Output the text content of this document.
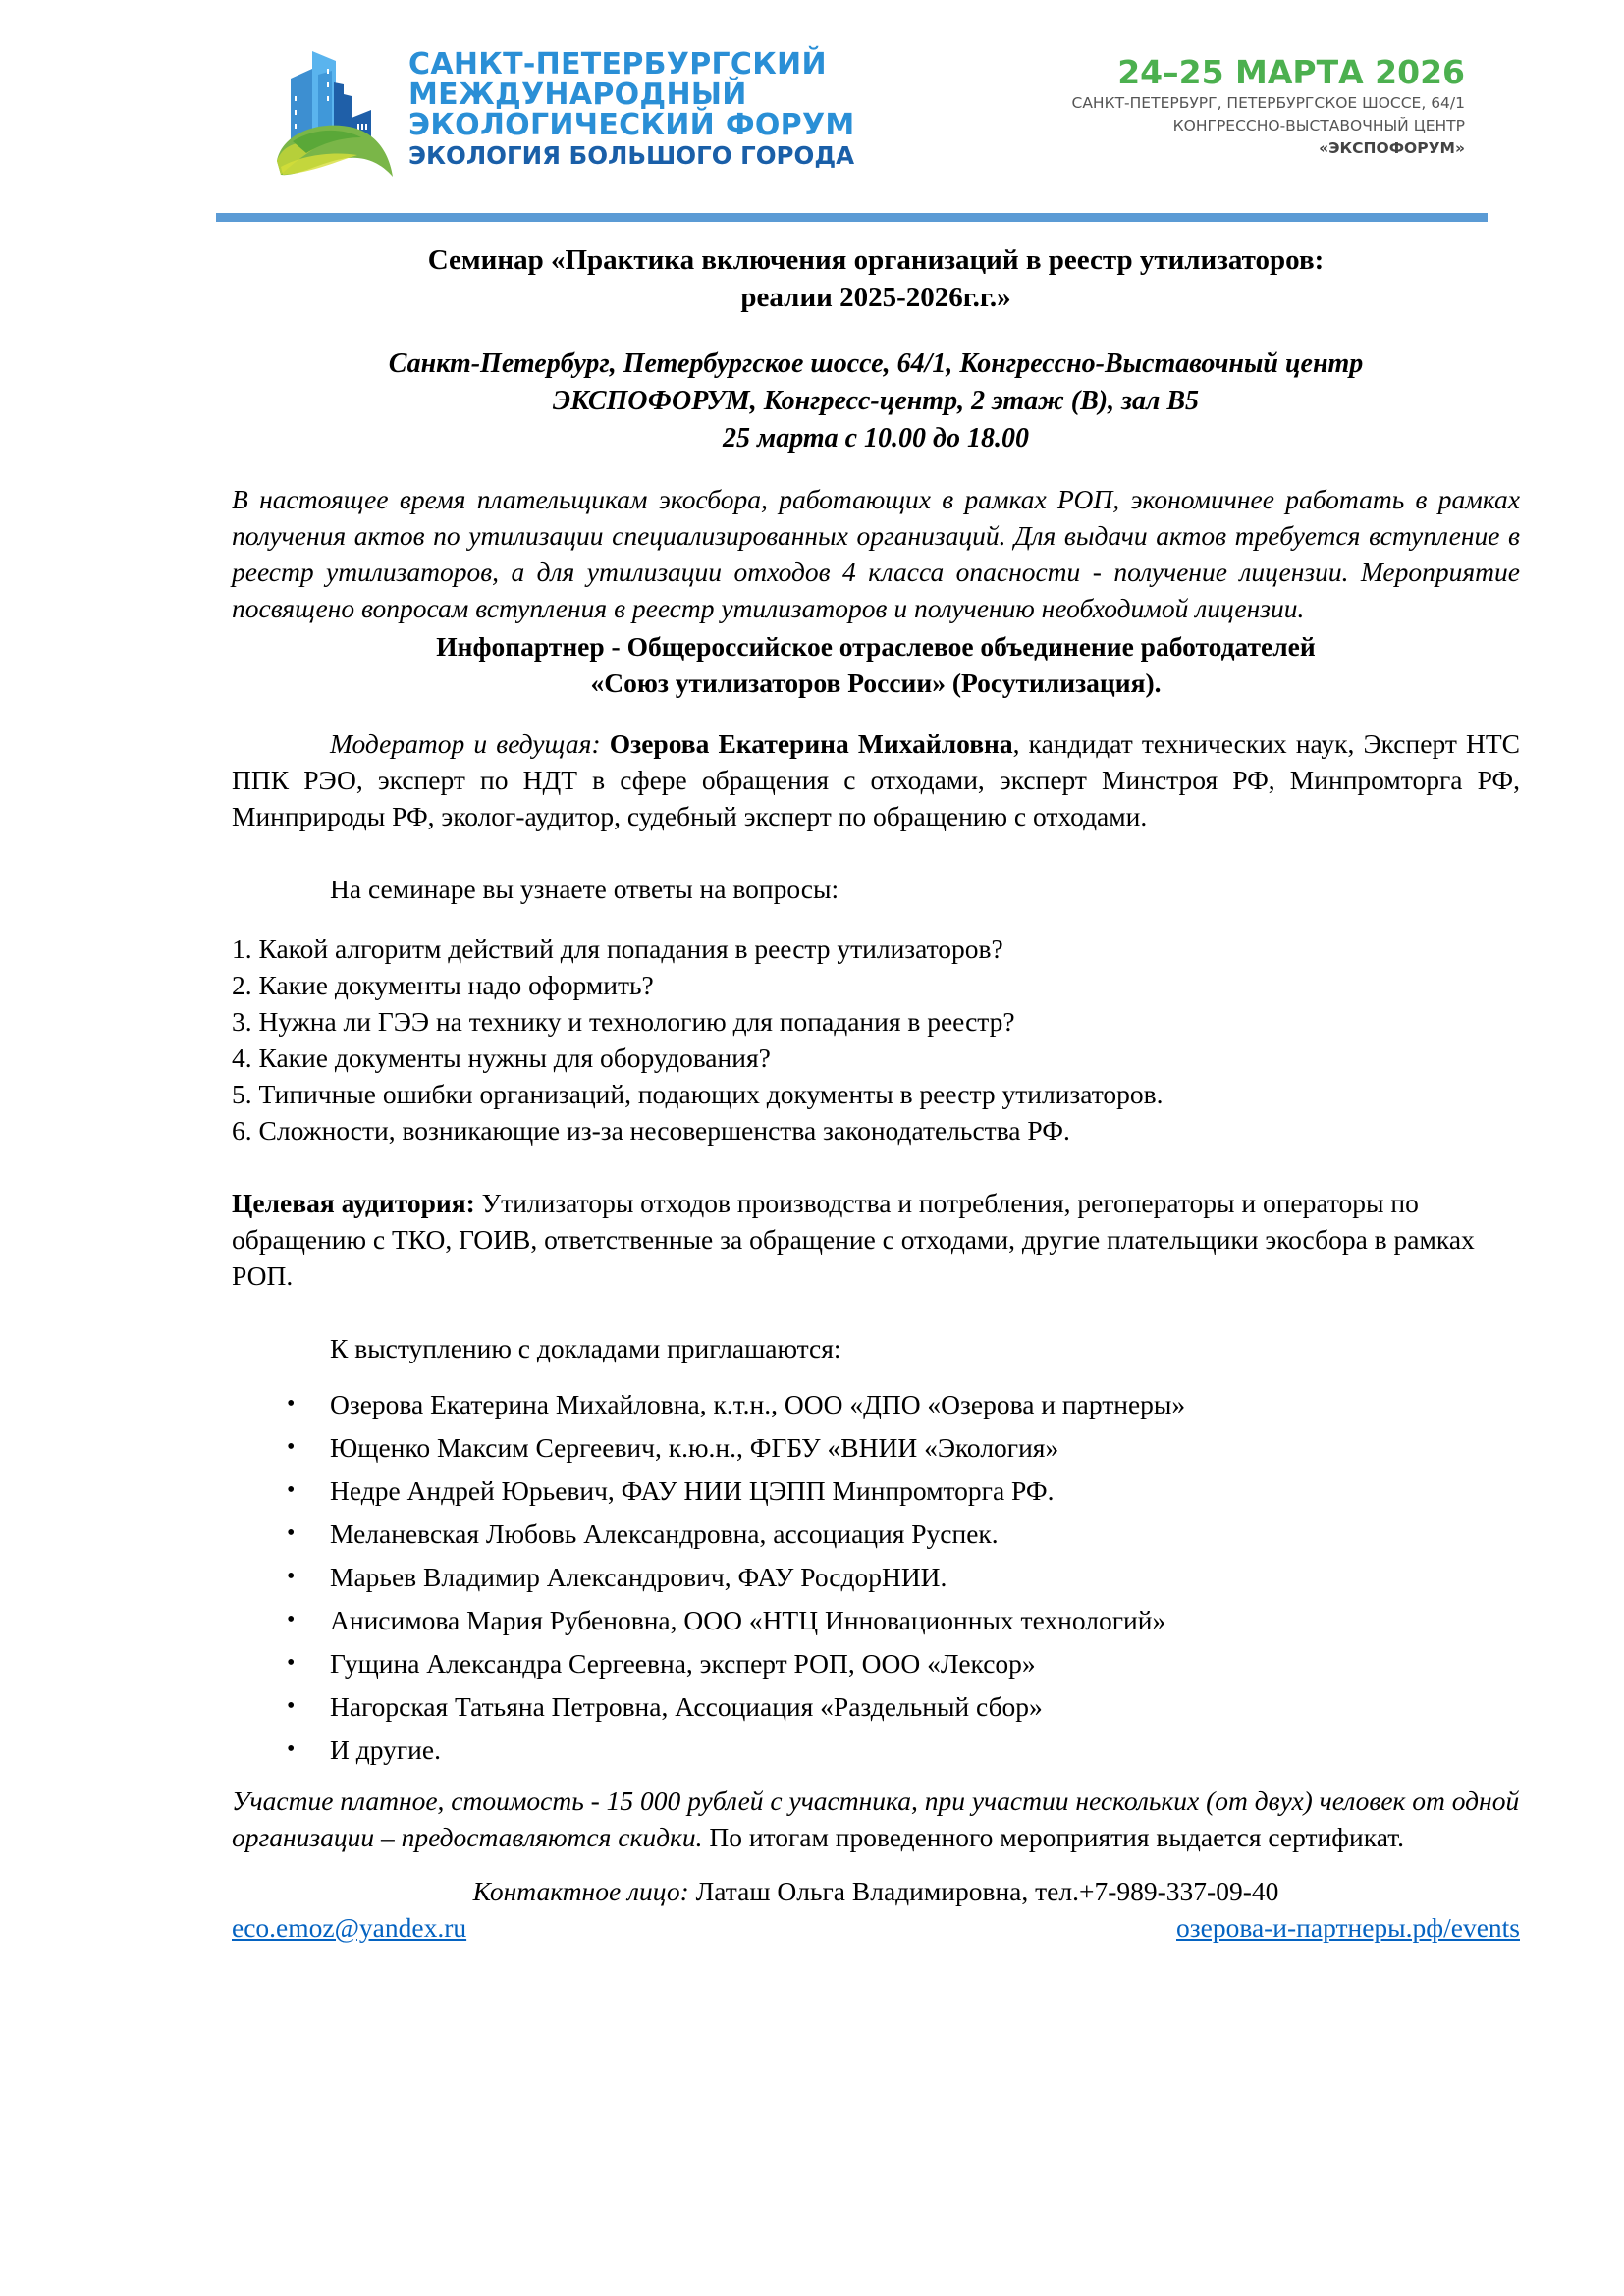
САНКТ-ПЕТЕРБУРГСКИЙ
МЕЖДУНАРОДНЫЙ
ЭКОЛОГИЧЕСКИЙ ФОРУМ
ЭКОЛОГИЯ БОЛЬШОГО ГОРОДА
24–25 МАРТА 2026
САНКТ-ПЕТЕРБУРГ, ПЕТЕРБУРГСКОЕ ШОССЕ, 64/1
КОНГРЕССНО-ВЫСТАВОЧНЫЙ ЦЕНТР
«ЭКСПОФОРУМ»
Семинар «Практика включения организаций в реестр утилизаторов:
реалии 2025-2026г.г.»
Санкт-Петербург, Петербургское шоссе, 64/1, Конгрессно-Выставочный центр
ЭКСПОФОРУМ, Конгресс-центр, 2 этаж (В), зал В5
25 марта с 10.00 до 18.00

В настоящее время плательщикам экосбора, работающих в рамках РОП, экономичнее работать в рамках получения актов по утилизации специализированных организаций. Для выдачи актов требуется вступление в реестр утилизаторов, а для утилизации отходов 4 класса опасности - получение лицензии. Мероприятие посвящено вопросам вступления в реестр утилизаторов и получению необходимой лицензии.

Инфопартнер - Общероссийское отраслевое объединение работодателей
«Союз утилизаторов России» (Росутилизация).
Модератор и ведущая: Озерова Екатерина Михайловна, кандидат технических наук, Эксперт НТС ППК РЭО, эксперт по НДТ в сфере обращения с отходами, эксперт Минстроя РФ, Минпромторга РФ, Минприроды РФ, эколог-аудитор, судебный эксперт по обращению с отходами.
На семинаре вы узнаете ответы на вопросы:
1. Какой алгоритм действий для попадания в реестр утилизаторов?
2. Какие документы надо оформить?
3. Нужна ли ГЭЭ на технику и технологию для попадания в реестр?
4. Какие документы нужны для оборудования?
5. Типичные ошибки организаций, подающих документы в реестр утилизаторов.
6. Сложности, возникающие из-за несовершенства законодательства РФ.
Целевая аудитория: Утилизаторы отходов производства и потребления, регоператоры и операторы по обращению с ТКО, ГОИВ, ответственные за обращение с отходами, другие плательщики экосбора в рамках РОП.
К выступлению с докладами приглашаются:
• Озерова Екатерина Михайловна, к.т.н., ООО «ДПО «Озерова и партнеры»
• Ющенко Максим Сергеевич, к.ю.н., ФГБУ «ВНИИ «Экология»
• Недре Андрей Юрьевич, ФАУ НИИ ЦЭПП Минпромторга РФ.
• Меланевская Любовь Александровна, ассоциация Руспек.
• Марьев Владимир Александрович, ФАУ РосдорНИИ.
• Анисимова Мария Рубеновна, ООО «НТЦ Инновационных технологий»
• Гущина Александра Сергеевна, эксперт РОП, ООО «Лексор»
• Нагорская Татьяна Петровна, Ассоциация «Раздельный сбор»
• И другие.
Участие платное, стоимость - 15 000 рублей с участника, при участии нескольких (от двух) человек от одной организации – предоставляются скидки. По итогам проведенного мероприятия выдается сертификат.
Контактное лицо: Латаш Ольга Владимировна, тел.+7-989-337-09-40
eco.emoz@yandex.ru	озерова-и-партнеры.рф/events
